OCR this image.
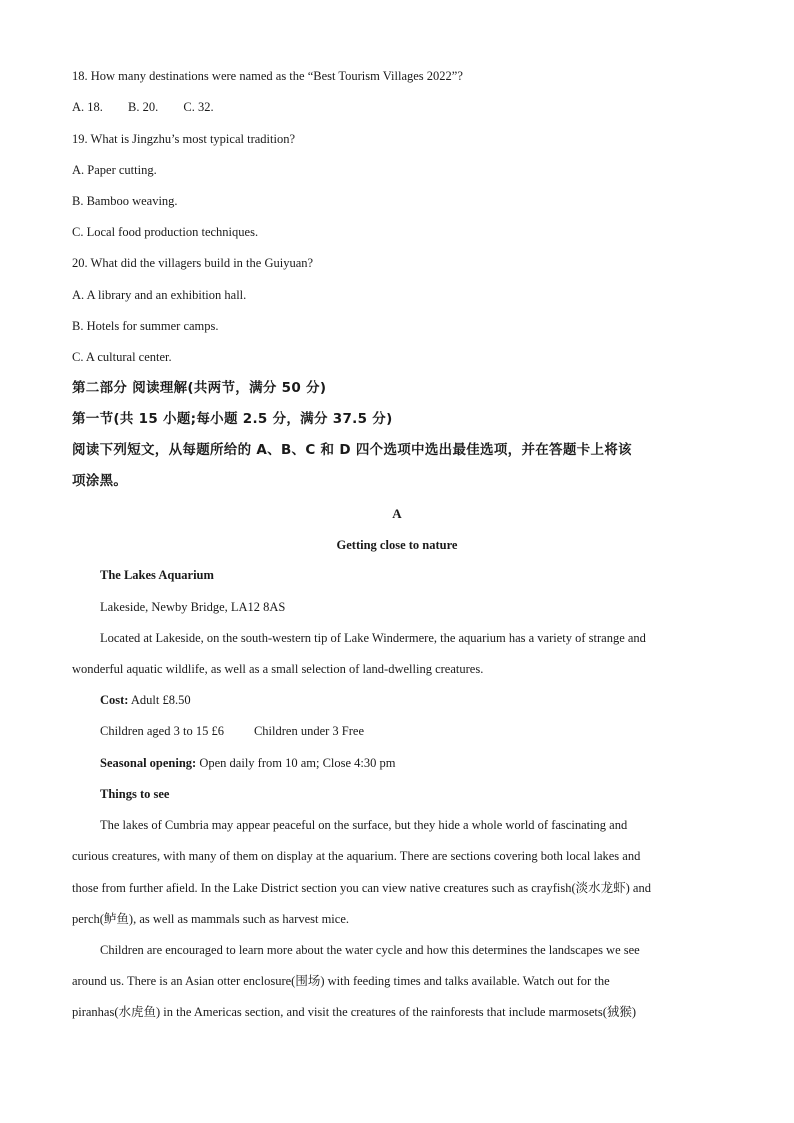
18. How many destinations were named as the “Best Tourism Villages 2022”?
A. 18. B. 20. C. 32.
19. What is Jingzhu’s most typical tradition?
A. Paper cutting.
B. Bamboo weaving.
C. Local food production techniques.
20. What did the villagers build in the Guiyuan?
A. A library and an exhibition hall.
B. Hotels for summer camps.
C. A cultural center.
第二部分 阅读理解(共两节，满分 50 分)
第一节(共 15 小题;每小题 2.5 分，满分 37.5 分)
阅读下列短文，从每题所给的 A、B、C 和 D 四个选项中选出最佳选项，并在答题卡上将该
项涂黑。
A
Getting close to nature
The Lakes Aquarium
Lakeside, Newby Bridge, LA12 8AS
Located at Lakeside, on the south-western tip of Lake Windermere, the aquarium has a variety of strange and
wonderful aquatic wildlife, as well as a small selection of land-dwelling creatures.
Cost: Adult £8.50
Children aged 3 to 15 £6 Children under 3 Free
Seasonal opening: Open daily from 10 am; Close 4:30 pm
Things to see
The lakes of Cumbria may appear peaceful on the surface, but they hide a whole world of fascinating and
curious creatures, with many of them on display at the aquarium. There are sections covering both local lakes and
those from further afield. In the Lake District section you can view native creatures such as crayfish(淡水龙虾) and
perch(鲈鱼), as well as mammals such as harvest mice.
Children are encouraged to learn more about the water cycle and how this determines the landscapes we see
around us. There is an Asian otter enclosure(围场) with feeding times and talks available. Watch out for the
piranhas(水虎鱼) in the Americas section, and visit the creatures of the rainforests that include marmosets(狨猴)
